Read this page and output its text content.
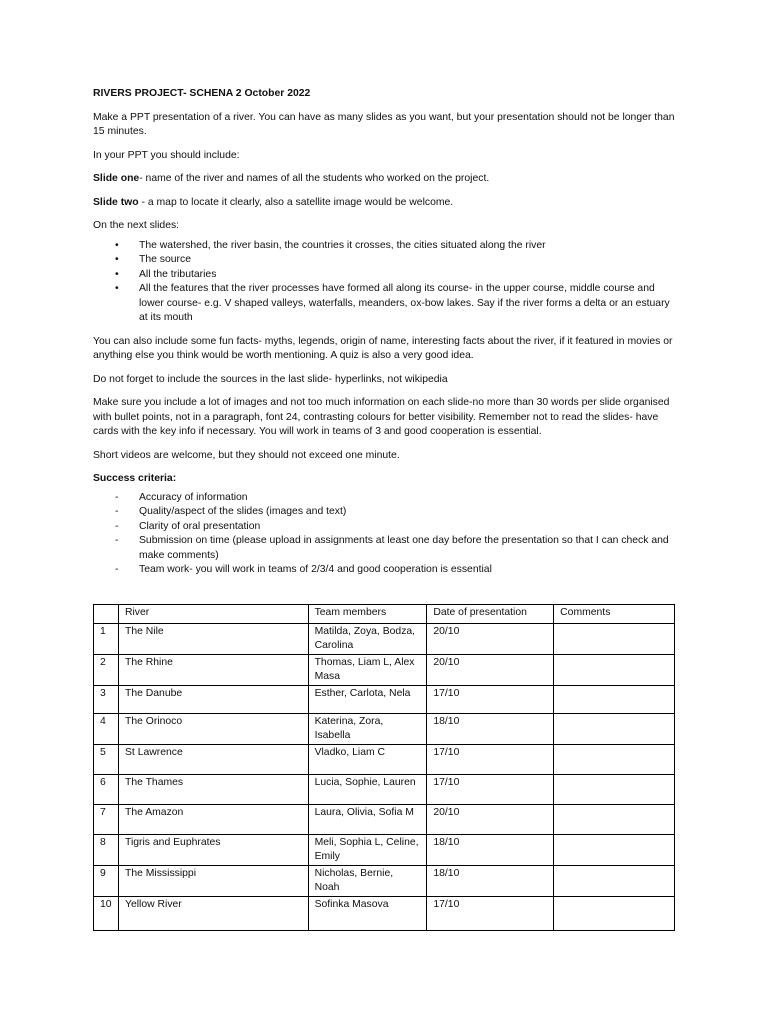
RIVERS PROJECT- SCHENA 2 October 2022

Make a PPT presentation of a river. You can have as many slides as you want, but your presentation should not be longer than 15 minutes.

In your PPT you should include:

Slide one- name of the river and names of all the students who worked on the project.

Slide two - a map to locate it clearly, also a satellite image would be welcome.

On the next slides:

• The watershed, the river basin, the countries it crosses, the cities situated along the river
• The source
• All the tributaries
• All the features that the river processes have formed all along its course- in the upper course, middle course and lower course- e.g. V shaped valleys, waterfalls, meanders, ox-bow lakes. Say if the river forms a delta or an estuary at its mouth

You can also include some fun facts- myths, legends, origin of name, interesting facts about the river, if it featured in movies or anything else you think would be worth mentioning. A quiz is also a very good idea.

Do not forget to include the sources in the last slide- hyperlinks, not wikipedia

Make sure you include a lot of images and not too much information on each slide-no more than 30 words per slide organised with bullet points, not in a paragraph, font 24, contrasting colours for better visibility. Remember not to read the slides- have cards with the key info if necessary. You will work in teams of 3 and good cooperation is essential.

Short videos are welcome, but they should not exceed one minute.

Success criteria:

- Accuracy of information
- Quality/aspect of the slides (images and text)
- Clarity of oral presentation
- Submission on time (please upload in assignments at least one day before the presentation so that I can check and make comments)
- Team work- you will work in teams of 2/3/4 and good cooperation is essential
	River	Team members	Date of presentation	Comments
1	The Nile	Matilda, Zoya, Bodza, Carolina	20/10	
2	The Rhine	Thomas, Liam L, Alex Masa	20/10	
3	The Danube	Esther, Carlota, Nela	17/10	
4	The Orinoco	Katerina, Zora, Isabella	18/10	
5	St Lawrence	Vladko, Liam C	17/10	
6	The Thames	Lucia, Sophie, Lauren	17/10	
7	The Amazon	Laura, Olivia, Sofia M	20/10	
8	Tigris and Euphrates	Meli, Sophia L, Celine, Emily	18/10	
9	The Mississippi	Nicholas, Bernie, Noah	18/10	
10	Yellow River	Sofinka Masova	17/10	
